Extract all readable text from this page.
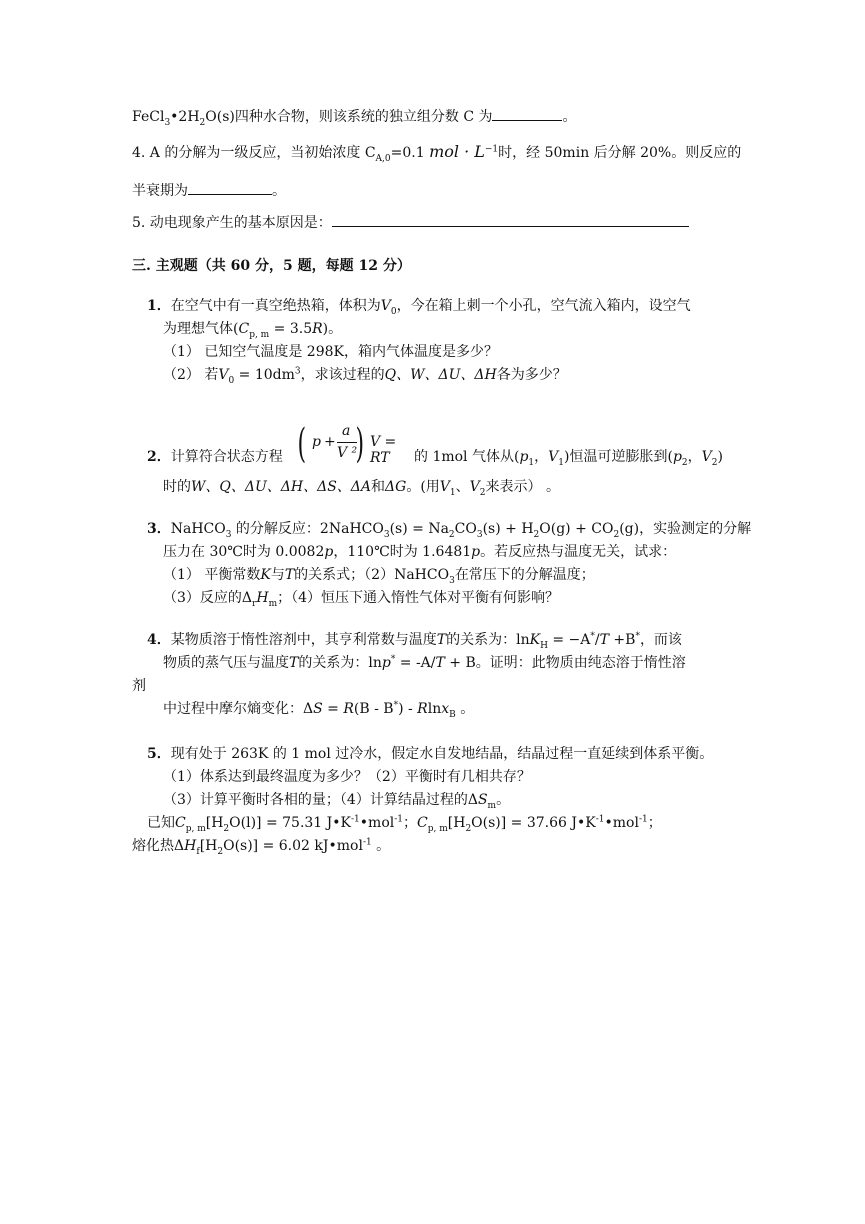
$FeCl_3•2H_2O(s)$四种水合物，则该系统的独立组分数 C 为	。
4. A 的分解为一级反应，当初始浓度 $C_{A,0}=0.1$ mol · $L^{-1}$时，经 50min 后分解 20%。则反应的
半衰期为	。
5. 动电现象产生的基本原因是：
三. 主观题（共 60 分，5 题，每题 12 分）
1．在空气中有一真空绝热箱，体积为$V_0$，今在箱上刺一个小孔，空气流入箱内，设空气
为理想气体$(C_{p, m} = 3.5R)$。
（1） 已知空气温度是 298K，箱内气体温度是多少？
（2） 若$V_0 = 10dm^3$，求该过程的Q、W、ΔU、ΔH各为多少？
( p +
a
V ²
) V = RT
2．计算符合状态方程	的 1mol 气体从($p_1$，$V_1$)恒温可逆膨胀到($p_2$，$V_2$)
时的W、Q、ΔU、ΔH、ΔS、ΔA和ΔG。(用$V_1$、$V_2$来表示） 。
3．NaHCO$_3$ 的分解反应：2NaHCO$_3$(s) = $Na_2CO_3(s) + H_2O(g) + CO_2(g)$，实验测定的分解
压力在 30℃时为 0.0082p，110℃时为 1.6481p。若反应热与温度无关，试求：
（1） 平衡常数K与T的关系式；（2）NaHCO$_3$在常压下的分解温度；
（3）反应的$\Delta_rH_m$；（4）恒压下通入惰性气体对平衡有何影响？
4．某物质溶于惰性溶剂中，其亨利常数与温度T的关系为：lnK$_H$ = −A*/T +B*，而该
物质的蒸气压与温度T的关系为：lnp* = -A/T + B。证明：此物质由纯态溶于惰性溶
剂
中过程中摩尔熵变化：ΔS = R(B - B*) - Rlnx$_B$ 。
5．现有处于 263K 的 1 mol 过冷水，假定水自发地结晶，结晶过程一直延续到体系平衡。
（1）体系达到最终温度为多少？（2）平衡时有几相共存？
（3）计算平衡时各相的量；（4）计算结晶过程的$\Delta S_m$。
已知$C_{p, m}[H_2O(l)] = 75.31$ $J•K^{-1}•mol^{-1}$；$C_{p, m}[H_2O(s)] = 37.66$ $J•K^{-1}•mol^{-1}$；
熔化热$\Delta H_f[H_2O(s)] = 6.02$ kJ•mol$^{-1}$ 。
